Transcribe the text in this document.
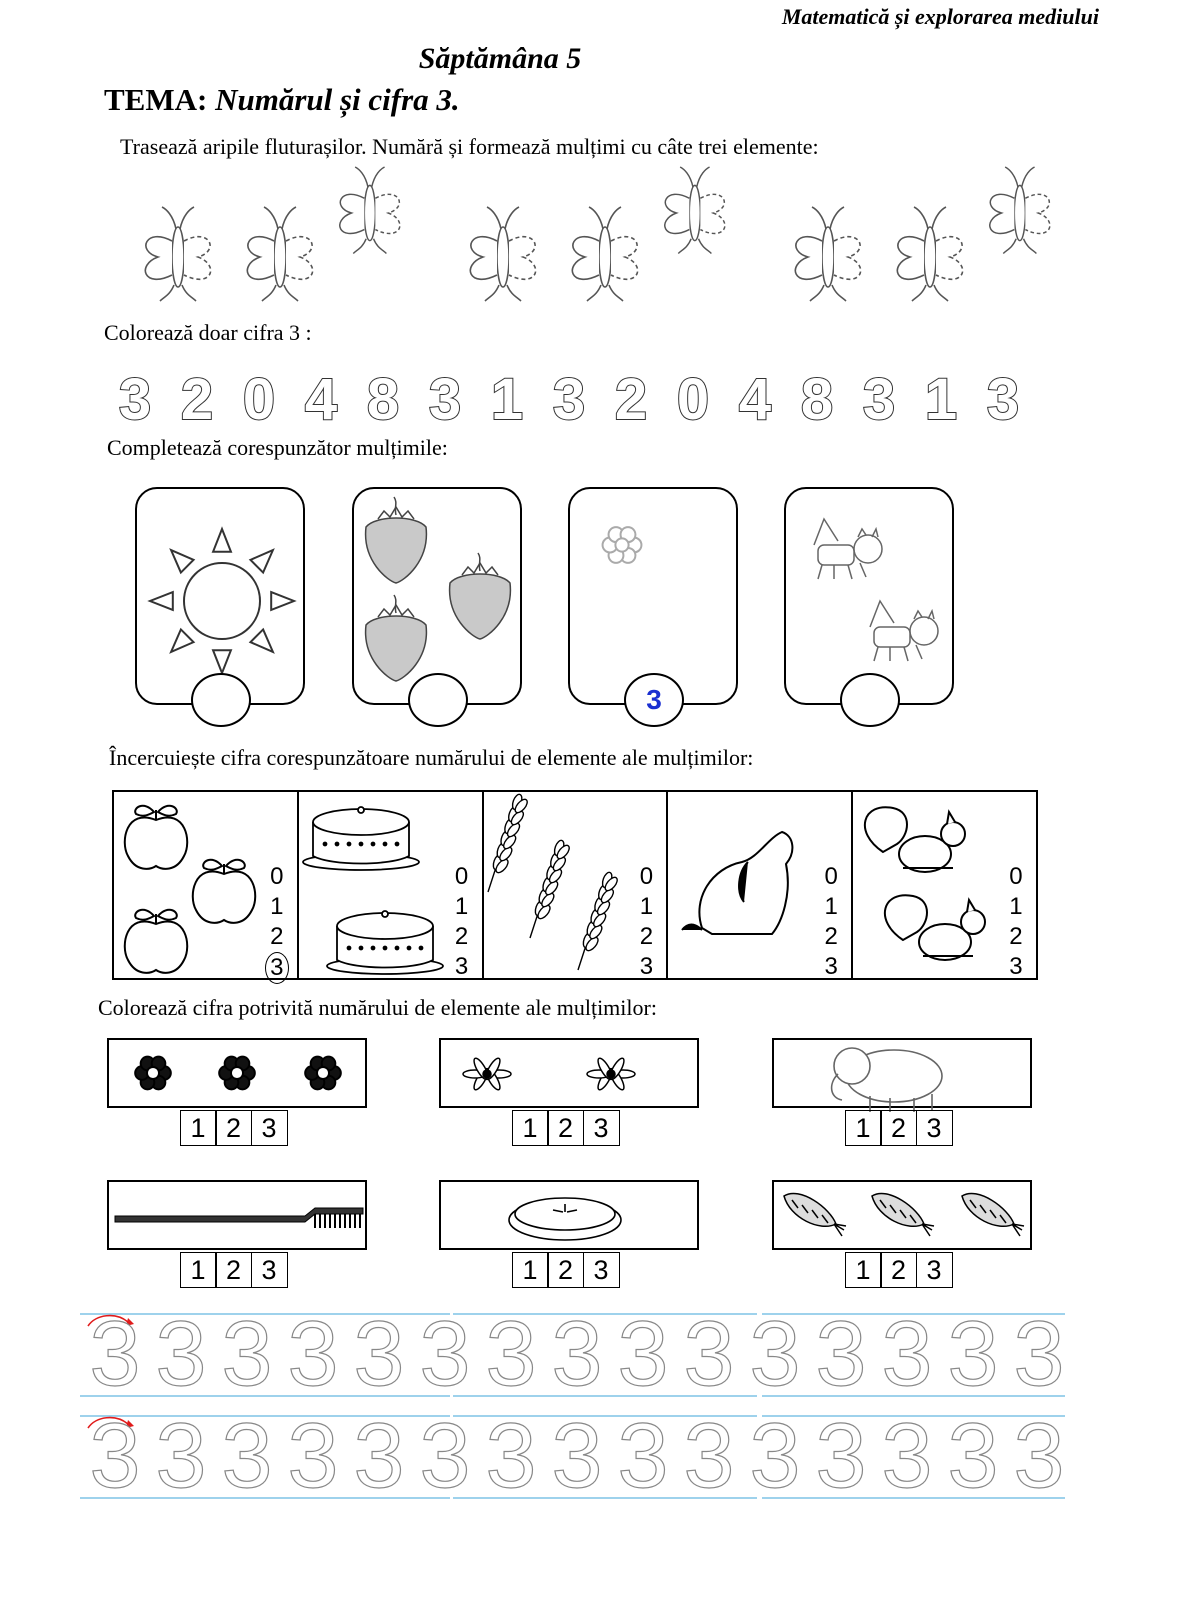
Matematică și explorarea mediului
Săptămâna 5
TEMA: Numărul și cifra 3.
Trasează aripile fluturașilor. Numără și formează mulțimi cu câte trei elemente:
Colorează doar cifra 3 :
3 2 0 4 8 3 1 3 2 0 4 8 3 1 3
Completează corespunzător mulțimile:
3
Încercuiește cifra corespunzătoare numărului de elemente ale mulțimilor:
0
1
2
3
0
1
2
3
0
1
2
3
0
1
2
3
0
1
2
3
Colorează cifra potrivită numărului de elemente ale mulțimilor:
1 2 3	1 2 3	1 2 3
1 2 3	1 2 3	1 2 3
3 3 3 3 3 3 3 3 3 3 3 3 3 3 3
3 3 3 3 3 3 3 3 3 3 3 3 3 3 3
